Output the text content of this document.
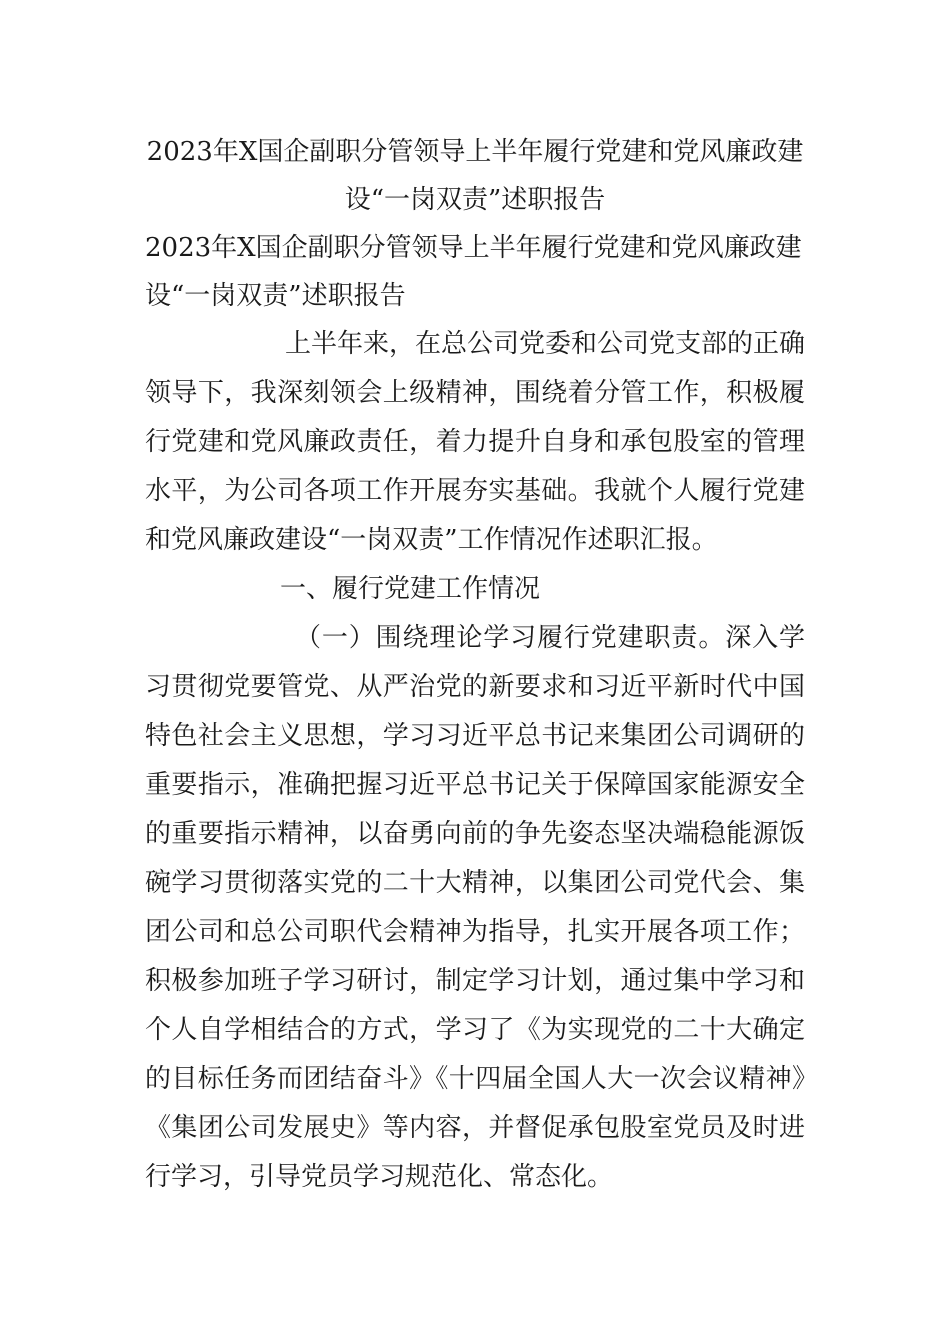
2023年X国企副职分管领导上半年履行党建和党风廉政建
设“一岗双责”述职报告

2023年X国企副职分管领导上半年履行党建和党风廉政建设“一岗双责”述职报告

上半年来，在总公司党委和公司党支部的正确领导下，我深刻领会上级精神，围绕着分管工作，积极履行党建和党风廉政责任，着力提升自身和承包股室的管理水平，为公司各项工作开展夯实基础。我就个人履行党建和党风廉政建设“一岗双责”工作情况作述职汇报。

一、履行党建工作情况

（一）围绕理论学习履行党建职责。深入学习贯彻党要管党、从严治党的新要求和习近平新时代中国特色社会主义思想，学习习近平总书记来集团公司调研的重要指示，准确把握习近平总书记关于保障国家能源安全的重要指示精神，以奋勇向前的争先姿态坚决端稳能源饭碗学习贯彻落实党的二十大精神，以集团公司党代会、集团公司和总公司职代会精神为指导，扎实开展各项工作；积极参加班子学习研讨，制定学习计划，通过集中学习和个人自学相结合的方式，学习了《为实现党的二十大确定的目标任务而团结奋斗》《十四届全国人大一次会议精神》《集团公司发展史》等内容，并督促承包股室党员及时进行学习，引导党员学习规范化、常态化。
